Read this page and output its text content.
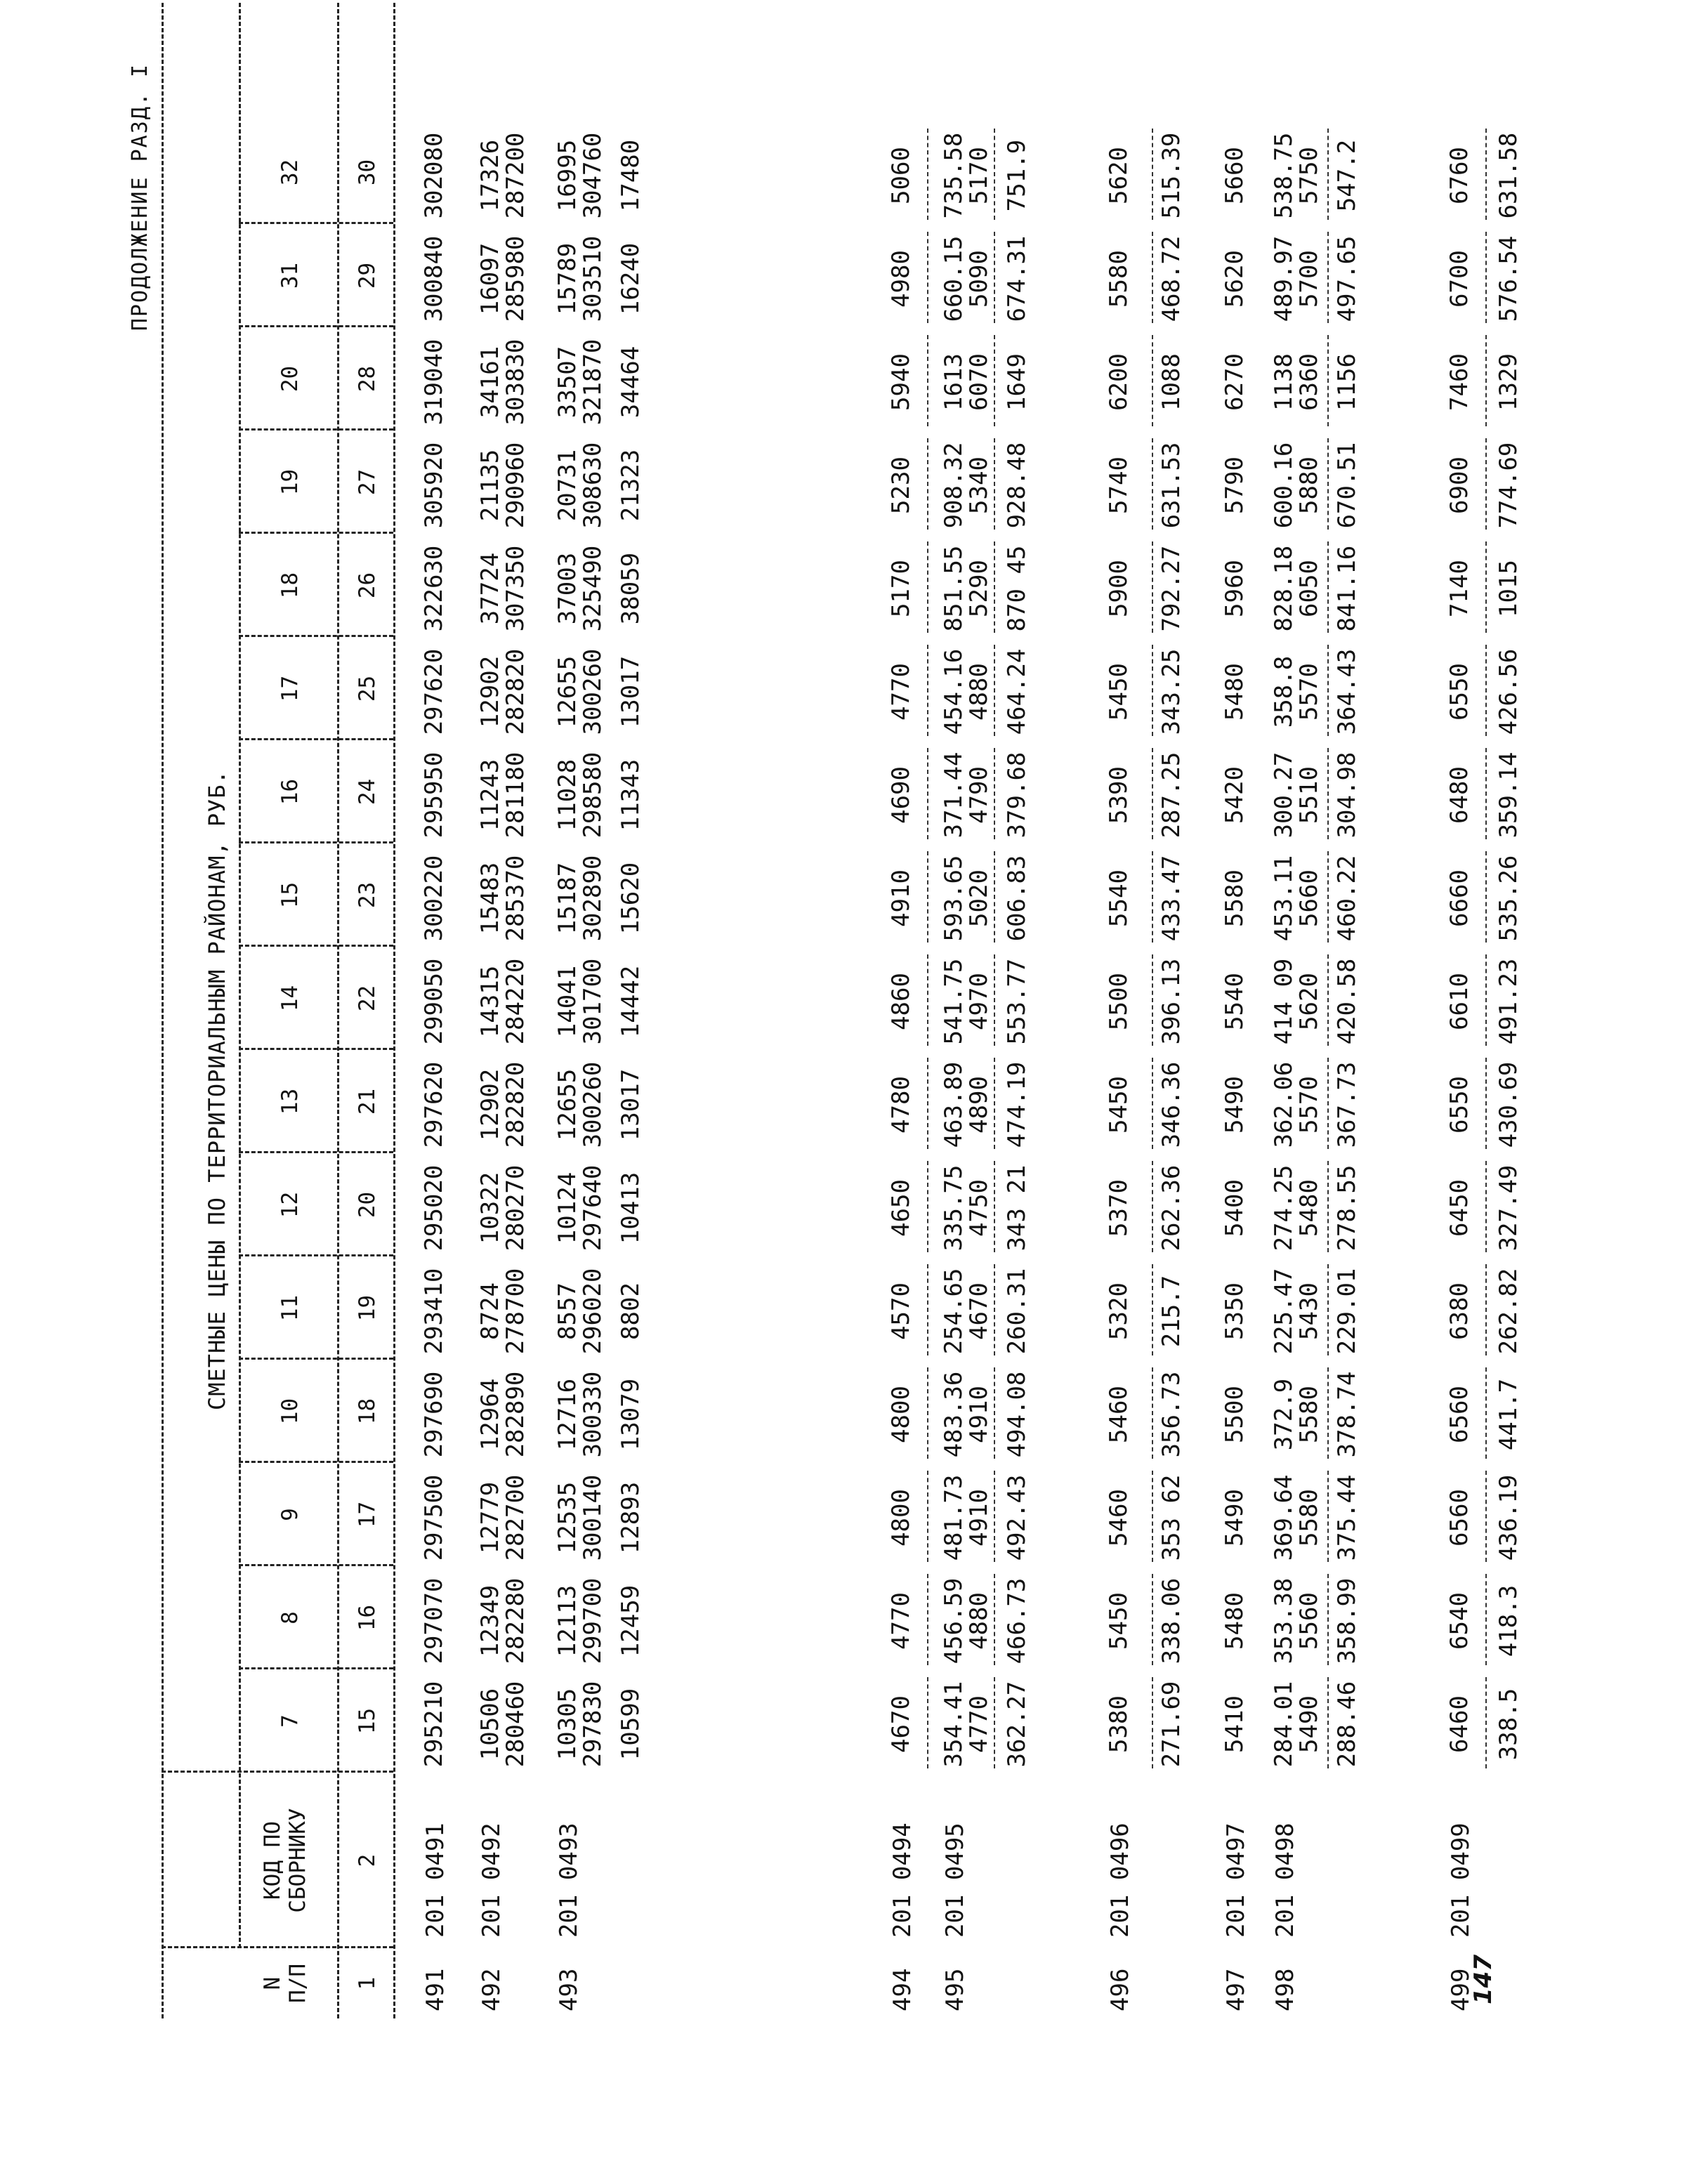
ПРОДОЛЖЕНИЕ РАЗД. I
СМЕТНЫЕ ЦЕНЫ ПО ТЕРРИТОРИАЛЬНЫМ РАЙОНАМ, РУБ.
N
П/П
КОД ПО
СБОРНИКУ
1
2
7 15
8 16
9 17
10 18
11 19
12 20
13 21
14 22
15 23
16 24
17 25
18 26
19 27
20 28
31 29
32 30
491
201 0491
295210
297070
297500
297690
293410
295020
297620
299050
300220
295950
297620
322630
305920
319040
300840
302080
492
201 0492
10506
280460
12349
282280
12779
282700
12964
282890
8724
278700
10322
280270
12902
282820
14315
284220
15483
285370
11243
281180
12902
282820
37724
307350
21135
290960
34161
303830
16097
285980
17326
287200
493
201 0493
10305
297830
12113
299700
12535
300140
12716
300330
8557
296020
10124
297640
12655
300260
14041
301700
15187
302890
11028
298580
12655
300260
37003
325490
20731
308630
33507
321870
15789
303510
16995
304760
10599
12459
12893
13079
8802
10413
13017
14442
15620
11343
13017
38059
21323
34464
16240
17480
494
201 0494
4670
4770
4800
4800
4570
4650
4780
4860
4910
4690
4770
5170
5230
5940
4980
5060
495
201 0495
354.41
4770
456.59
4880
481.73
4910
483.36
4910
254.65
4670
335.75
4750
463.89
4890
541.75
4970
593.65
5020
371.44
4790
454.16
4880
851.55
5290
908.32
5340
1613
6070
660.15
5090
735.58
5170
362.27
466.73
492.43
494.08
260.31
343 21
474.19
553.77
606.83
379.68
464.24
870 45
928.48
1649
674.31
751.9
496
201 0496
5380
5450
5460
5460
5320
5370
5450
5500
5540
5390
5450
5900
5740
6200
5580
5620
271.69
338.06
353 62
356.73
215.7
262.36
346.36
396.13
433.47
287.25
343.25
792.27
631.53
1088
468.72
515.39
497
201 0497
5410
5480
5490
5500
5350
5400
5490
5540
5580
5420
5480
5960
5790
6270
5620
5660
498
201 0498
284.01
5490
353.38
5560
369.64
5580
372.9
5580
225.47
5430
274.25
5480
362.06
5570
414 09
5620
453.11
5660
300.27
5510
358.8
5570
828.18
6050
600.16
5880
1138
6360
489.97
5700
538.75
5750
288.46
358.99
375.44
378.74
229.01
278.55
367.73
420.58
460.22
304.98
364.43
841.16
670.51
1156
497.65
547.2
499
201 0499
6460
6540
6560
6560
6380
6450
6550
6610
6660
6480
6550
7140
6900
7460
6700
6760
338.5
418.3
436.19
441.7
262.82
327.49
430.69
491.23
535.26
359.14
426.56
1015
774.69
1329
576.54
631.58
147
